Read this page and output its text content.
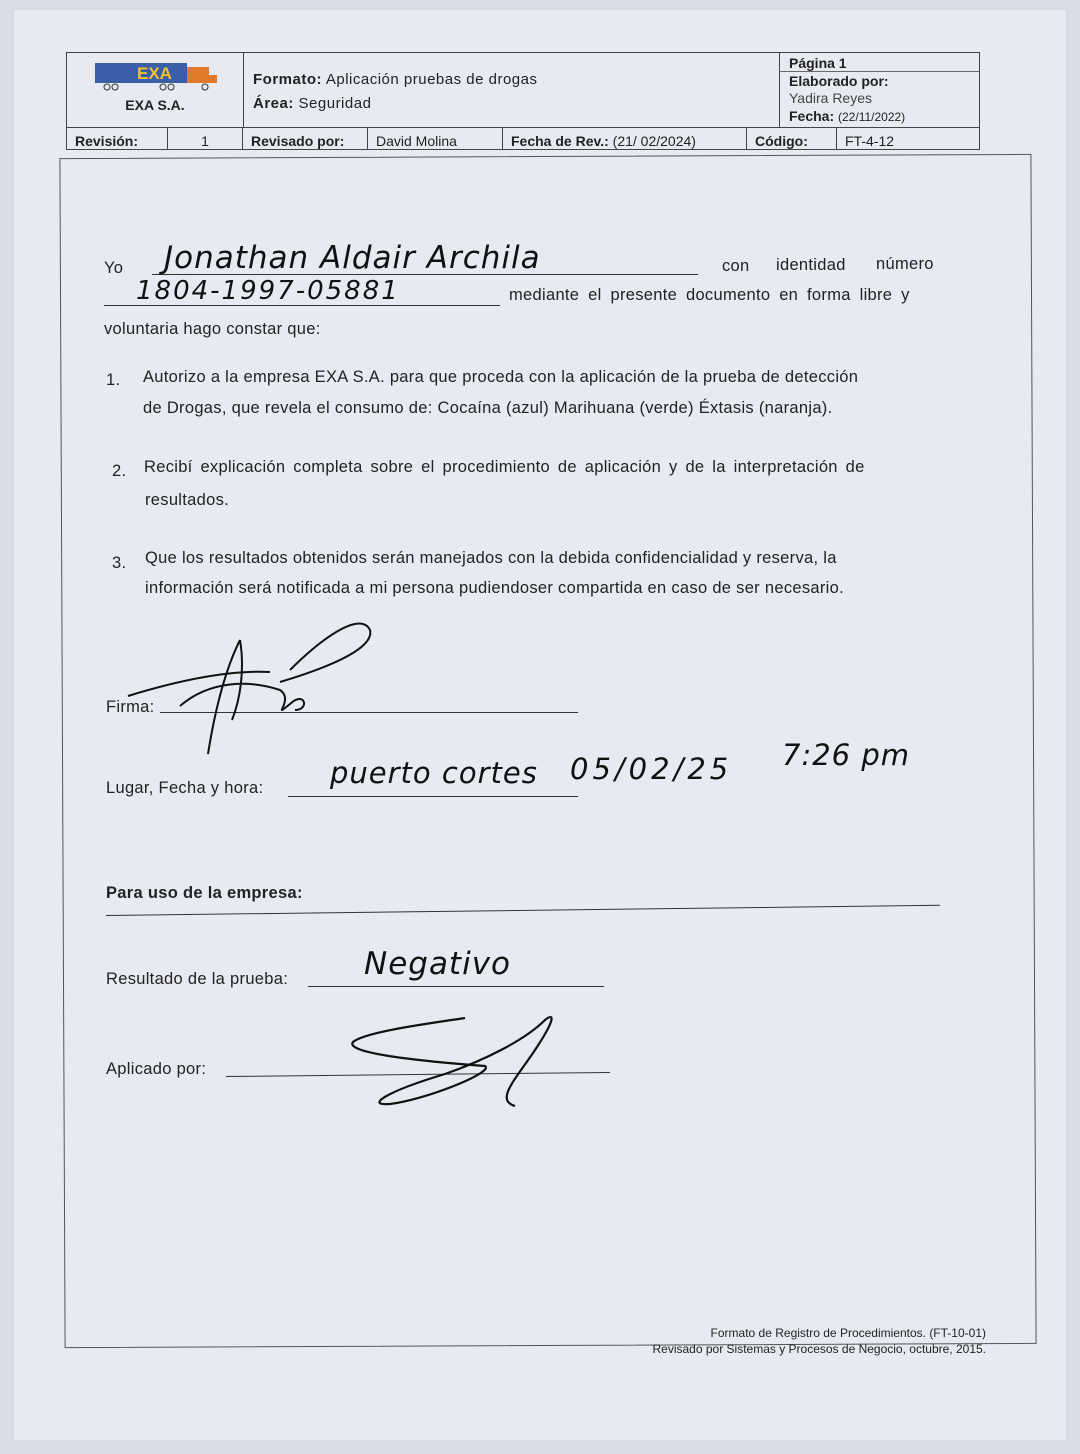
EXA
EXA S.A.
Formato: Aplicación pruebas de drogas
Área: Seguridad
Página 1
Elaborado por:
Yadira Reyes
Fecha: (22/11/2022)
Revisión:	1	Revisado por:	David Molina	Fecha de Rev.: (21/ 02/2024)	Código:	FT-4-12
Yo Jonathan Aldair Archila	con identidad número
1804-1997-05881	mediante el presente documento en forma libre y
voluntaria hago constar que:
1. Autorizo a la empresa EXA S.A. para que proceda con la aplicación de la prueba de detección
de Drogas, que revela el consumo de: Cocaína (azul) Marihuana (verde) Éxtasis (naranja).
2. Recibí explicación completa sobre el procedimiento de aplicación y de la interpretación de
resultados.
3. Que los resultados obtenidos serán manejados con la debida confidencialidad y reserva, la
información será notificada a mi persona pudiendoser compartida en caso de ser necesario.
Firma:
Lugar, Fecha y hora: puerto cortes 05/02/25 7:26 pm
Para uso de la empresa:
Resultado de la prueba: Negativo
Aplicado por:
Formato de Registro de Procedimientos. (FT-10-01)
Revisado por Sistemas y Procesos de Negocio, octubre, 2015.
